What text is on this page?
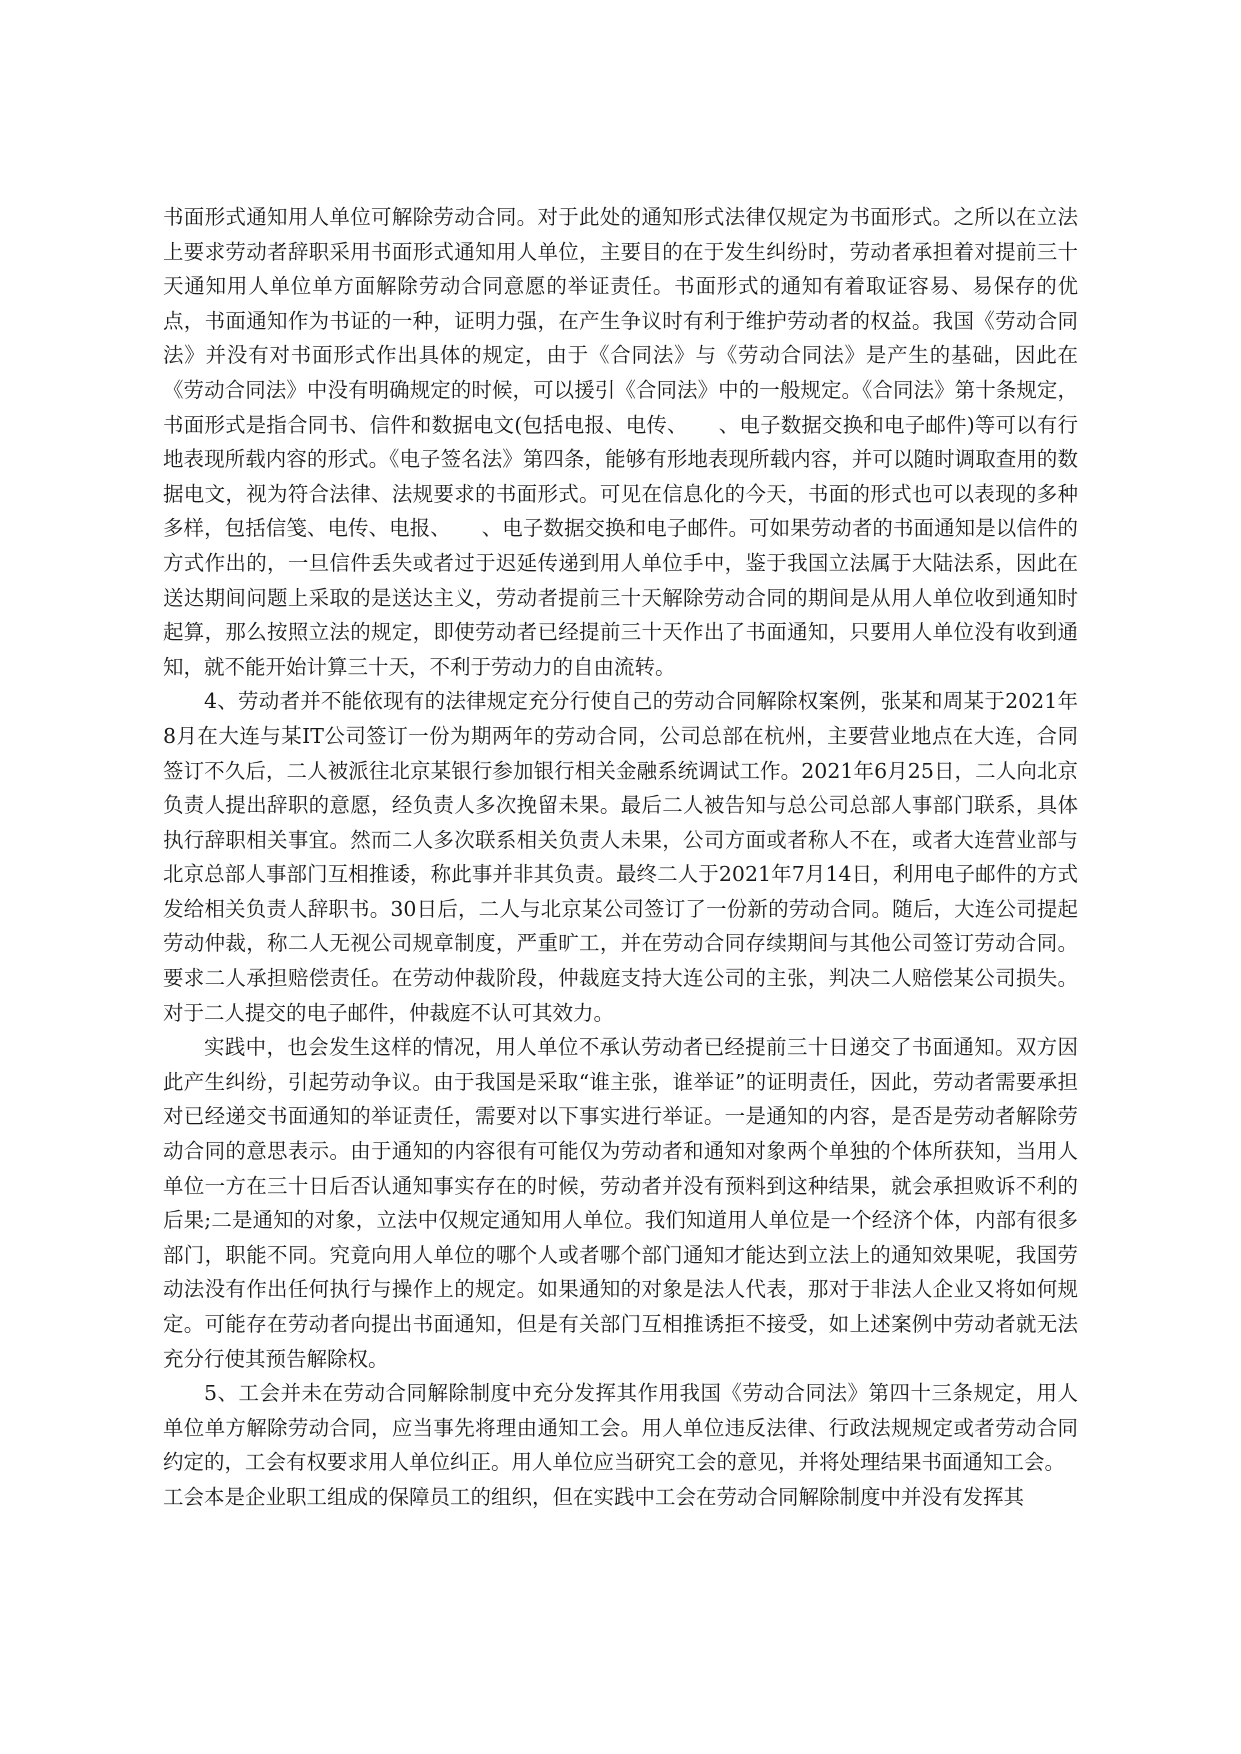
书面形式通知用人单位可解除劳动合同。对于此处的通知形式法律仅规定为书面形式。之所以在立法上要求劳动者辞职采用书面形式通知用人单位，主要目的在于发生纠纷时，劳动者承担着对提前三十天通知用人单位单方面解除劳动合同意愿的举证责任。书面形式的通知有着取证容易、易保存的优点，书面通知作为书证的一种，证明力强，在产生争议时有利于维护劳动者的权益。我国《劳动合同法》并没有对书面形式作出具体的规定，由于《合同法》与《劳动合同法》是产生的基础，因此在《劳动合同法》中没有明确规定的时候，可以援引《合同法》中的一般规定。《合同法》第十条规定，书面形式是指合同书、信件和数据电文(包括电报、电传、　　、电子数据交换和电子邮件)等可以有行地表现所载内容的形式。《电子签名法》第四条，能够有形地表现所载内容，并可以随时调取查用的数据电文，视为符合法律、法规要求的书面形式。可见在信息化的今天，书面的形式也可以表现的多种多样，包括信笺、电传、电报、　　、电子数据交换和电子邮件。可如果劳动者的书面通知是以信件的方式作出的，一旦信件丢失或者过于迟延传递到用人单位手中，鉴于我国立法属于大陆法系，因此在送达期间问题上采取的是送达主义，劳动者提前三十天解除劳动合同的期间是从用人单位收到通知时起算，那么按照立法的规定，即使劳动者已经提前三十天作出了书面通知，只要用人单位没有收到通知，就不能开始计算三十天，不利于劳动力的自由流转。

4、劳动者并不能依现有的法律规定充分行使自己的劳动合同解除权案例，张某和周某于2021年8月在大连与某IT公司签订一份为期两年的劳动合同，公司总部在杭州，主要营业地点在大连，合同签订不久后，二人被派往北京某银行参加银行相关金融系统调试工作。2021年6月25日，二人向北京负责人提出辞职的意愿，经负责人多次挽留未果。最后二人被告知与总公司总部人事部门联系，具体执行辞职相关事宜。然而二人多次联系相关负责人未果，公司方面或者称人不在，或者大连营业部与北京总部人事部门互相推诿，称此事并非其负责。最终二人于2021年7月14日，利用电子邮件的方式发给相关负责人辞职书。30日后，二人与北京某公司签订了一份新的劳动合同。随后，大连公司提起劳动仲裁，称二人无视公司规章制度，严重旷工，并在劳动合同存续期间与其他公司签订劳动合同。要求二人承担赔偿责任。在劳动仲裁阶段，仲裁庭支持大连公司的主张，判决二人赔偿某公司损失。对于二人提交的电子邮件，仲裁庭不认可其效力。

实践中，也会发生这样的情况，用人单位不承认劳动者已经提前三十日递交了书面通知。双方因此产生纠纷，引起劳动争议。由于我国是采取“谁主张，谁举证”的证明责任，因此，劳动者需要承担对已经递交书面通知的举证责任，需要对以下事实进行举证。一是通知的内容，是否是劳动者解除劳动合同的意思表示。由于通知的内容很有可能仅为劳动者和通知对象两个单独的个体所获知，当用人单位一方在三十日后否认通知事实存在的时候，劳动者并没有预料到这种结果，就会承担败诉不利的后果;二是通知的对象，立法中仅规定通知用人单位。我们知道用人单位是一个经济个体，内部有很多部门，职能不同。究竟向用人单位的哪个人或者哪个部门通知才能达到立法上的通知效果呢，我国劳动法没有作出任何执行与操作上的规定。如果通知的对象是法人代表，那对于非法人企业又将如何规定。可能存在劳动者向提出书面通知，但是有关部门互相推诱拒不接受，如上述案例中劳动者就无法充分行使其预告解除权。

5、工会并未在劳动合同解除制度中充分发挥其作用我国《劳动合同法》第四十三条规定，用人单位单方解除劳动合同，应当事先将理由通知工会。用人单位违反法律、行政法规规定或者劳动合同约定的，工会有权要求用人单位纠正。用人单位应当研究工会的意见，并将处理结果书面通知工会。

工会本是企业职工组成的保障员工的组织，但在实践中工会在劳动合同解除制度中并没有发挥其
